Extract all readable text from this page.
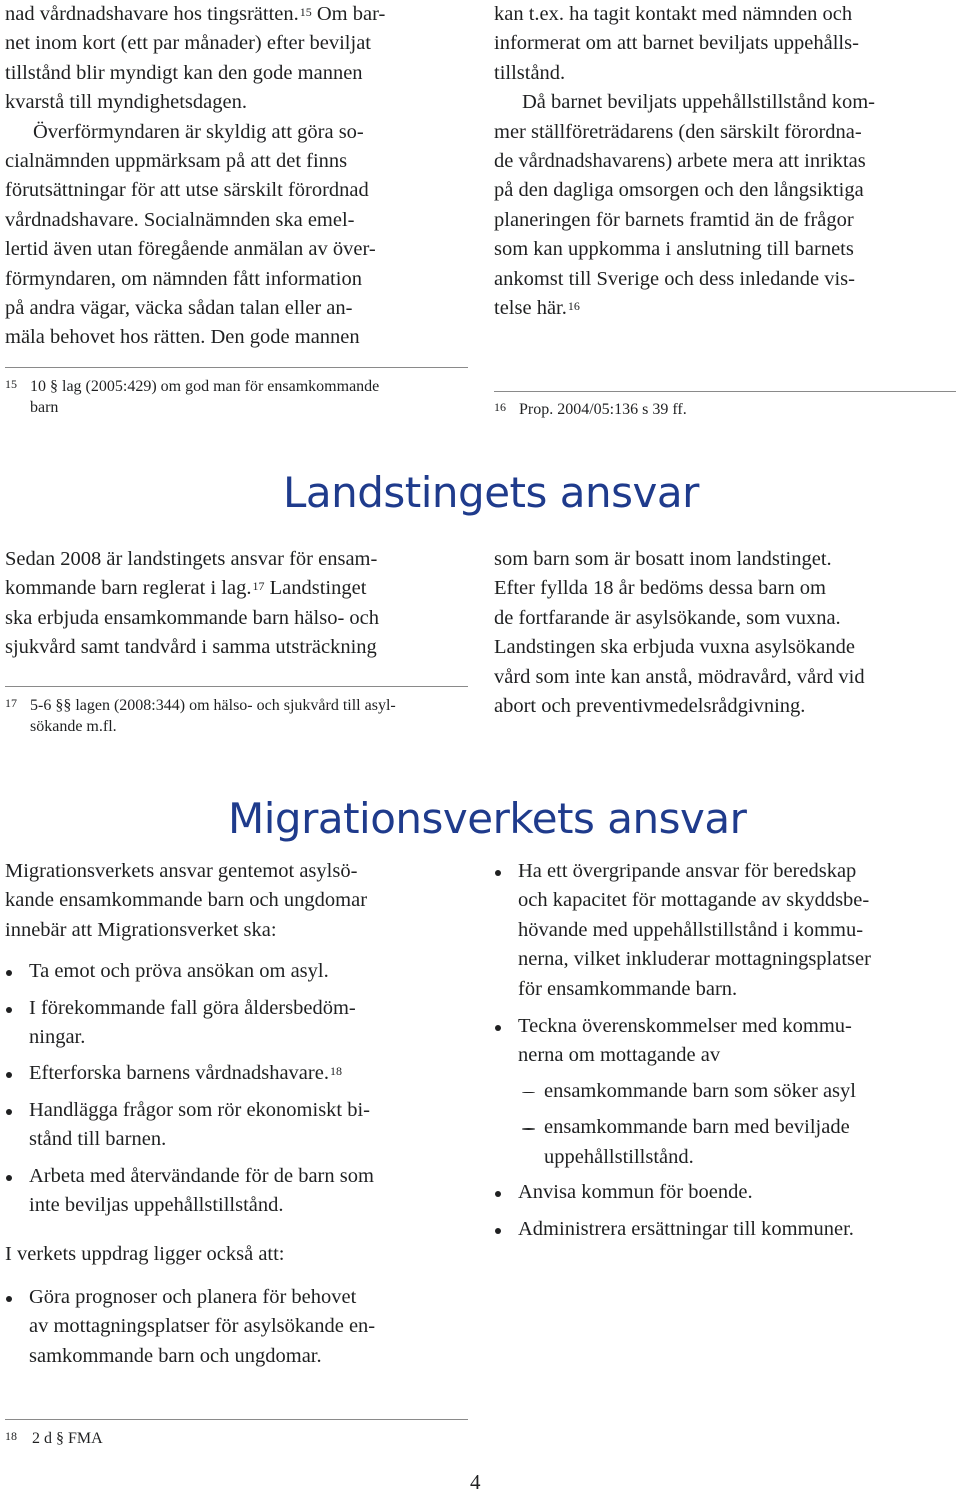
nad vårdnadshavare hos tingsrätten.$^{15}$ Om bar-
net inom kort (ett par månader) efter beviljat
tillstånd blir myndigt kan den gode mannen
kvarstå till myndighetsdagen.
Överförmyndaren är skyldig att göra so-
cialnämnden uppmärksam på att det finns
förutsättningar för att utse särskilt förordnad
vårdnadshavare. Socialnämnden ska emel-
lertid även utan föregående anmälan av över-
förmyndaren, om nämnden fått information
på andra vägar, väcka sådan talan eller an-
mäla behovet hos rätten. Den gode mannen

kan t.ex. ha tagit kontakt med nämnden och
informerat om att barnet beviljats uppehålls-
tillstånd.
Då barnet beviljats uppehållstillstånd kom-
mer ställföreträdarens (den särskilt förordna-
de vårdnadshavarens) arbete mera att inriktas
på den dagliga omsorgen och den långsiktiga
planeringen för barnets framtid än de frågor
som kan uppkomma i anslutning till barnets
ankomst till Sverige och dess inledande vis-
telse här.$^{16}$

15 10 § lag (2005:429) om god man för ensamkommande
barn	16 Prop. 2004/05:136 s 39 ff.
Landstingets ansvar

Sedan 2008 är landstingets ansvar för ensam-
kommande barn reglerat i lag.$^{17}$ Landstinget
ska erbjuda ensamkommande barn hälso- och
sjukvård samt tandvård i samma utsträckning

17 5-6 §§ lagen (2008:344) om hälso- och sjukvård till asyl-
sökande m.fl.

som barn som är bosatt inom landstinget.
Efter fyllda 18 år bedöms dessa barn om
de fortfarande är asylsökande, som vuxna.
Landstingen ska erbjuda vuxna asylsökande
vård som inte kan anstå, mödravård, vård vid
abort och preventivmedelsrådgivning.

Migrationsverkets ansvar

Migrationsverkets ansvar gentemot asylsö-
kande ensamkommande barn och ungdomar
innebär att Migrationsverket ska:

Ta emot och pröva ansökan om asyl.
I förekommande fall göra åldersbedöm-
ningar.
Efterforska barnens vårdnadshavare.$^{18}$
Handlägga frågor som rör ekonomiskt bi-
stånd till barnen.
Arbeta med återvändande för de barn som
inte beviljas uppehållstillstånd.

I verkets uppdrag ligger också att:

Göra prognoser och planera för behovet
av mottagningsplatser för asylsökande en-
samkommande barn och ungdomar.
Ha ett övergripande ansvar för beredskap
och kapacitet för mottagande av skyddsbe-
hövande med uppehållstillstånd i kommu-
nerna, vilket inkluderar mottagningsplatser
för ensamkommande barn.
Teckna överenskommelser med kommu-
nerna om mottagande av
ensamkommande barn som söker asyl
ensamkommande barn med beviljade
uppehållstillstånd.
Anvisa kommun för boende.
Administrera ersättningar till kommuner.
18 2 d § FMA
4
